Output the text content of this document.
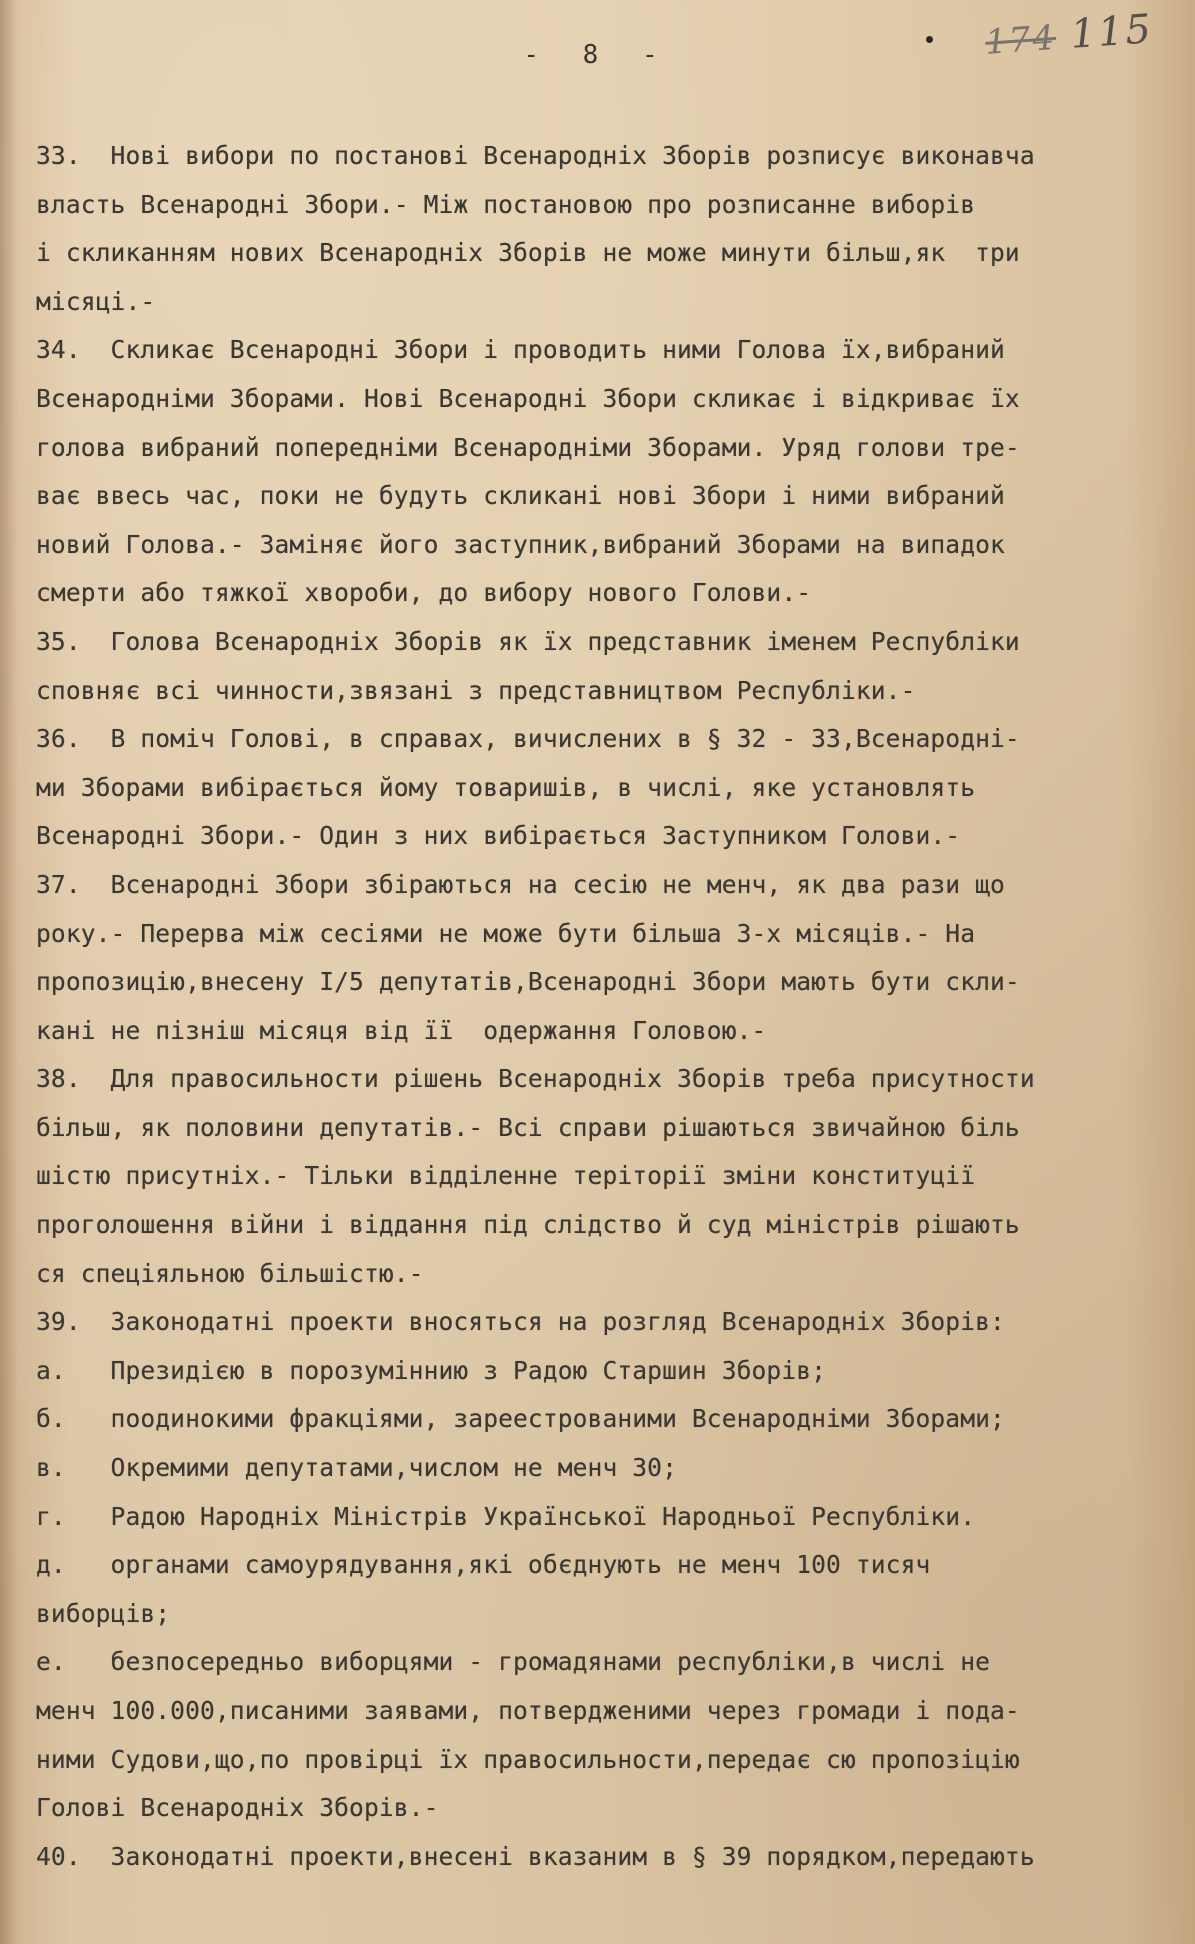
- 8 -	174 115
33.  Нові вибори по постанові Всенародніх Зборів розписує виконавча
власть Всенародні Збори.- Між постановою про розписанне виборів
і скликанням нових Всенародніх Зборів не може минути більш,як  три
місяці.-
34.  Скликає Всенародні Збори і проводить ними Голова їх,вибраний
Всенародніми Зборами. Нові Всенародні Збори скликає і відкриває їх
голова вибраний попередніми Всенародніми Зборами. Уряд голови тре-
ває ввесь час, поки не будуть скликані нові Збори і ними вибраний
новий Голова.- Заміняє його заступник,вибраний Зборами на випадок
смерти або тяжкої хвороби, до вибору нового Голови.-
35.  Голова Всенародніх Зборів як їх представник іменем Республіки
сповняє всі чинности,звязані з представництвом Республіки.-
36.  В поміч Голові, в справах, вичислених в § 32 - 33,Всенародні-
ми Зборами вибірається йому товаришів, в числі, яке установлять
Всенародні Збори.- Один з них вибірається Заступником Голови.-
37.  Всенародні Збори збіраються на сесію не менч, як два рази що
року.- Перерва між сесіями не може бути більша 3-х місяців.- На
пропозицію,внесену I/5 депутатів,Всенародні Збори мають бути скли-
кані не пізніш місяця від її  одержання Головою.-
38.  Для правосильности рішень Всенародніх Зборів треба присутности
більш, як половини депутатів.- Всі справи рішаються звичайною біль
шістю присутніх.- Тільки відділенне теріторії зміни конституції
проголошення війни і віддання під слідство й суд міністрів рішають
ся спеціяльною більшістю.-
39.  Законодатні проекти вносяться на розгляд Всенародніх Зборів:
а.   Президією в порозуміннию з Радою Старшин Зборів;
б.   поодинокими фракціями, зареестрованими Всенародніми Зборами;
в.   Окремими депутатами,числом не менч 30;
г.   Радою Народніх Міністрів Української Народньої Республіки.
д.   органами самоурядування,які обєднують не менч 100 тисяч
виборців;
е.   безпосередньо виборцями - громадянами республіки,в числі не
менч 100.000,писаними заявами, потвердженими через громади і пода-
ними Судови,що,по провірці їх правосильности,передає сю пропозіцію
Голові Всенародніх Зборів.-
40.  Законодатні проекти,внесені вказаним в § 39 порядком,передають
